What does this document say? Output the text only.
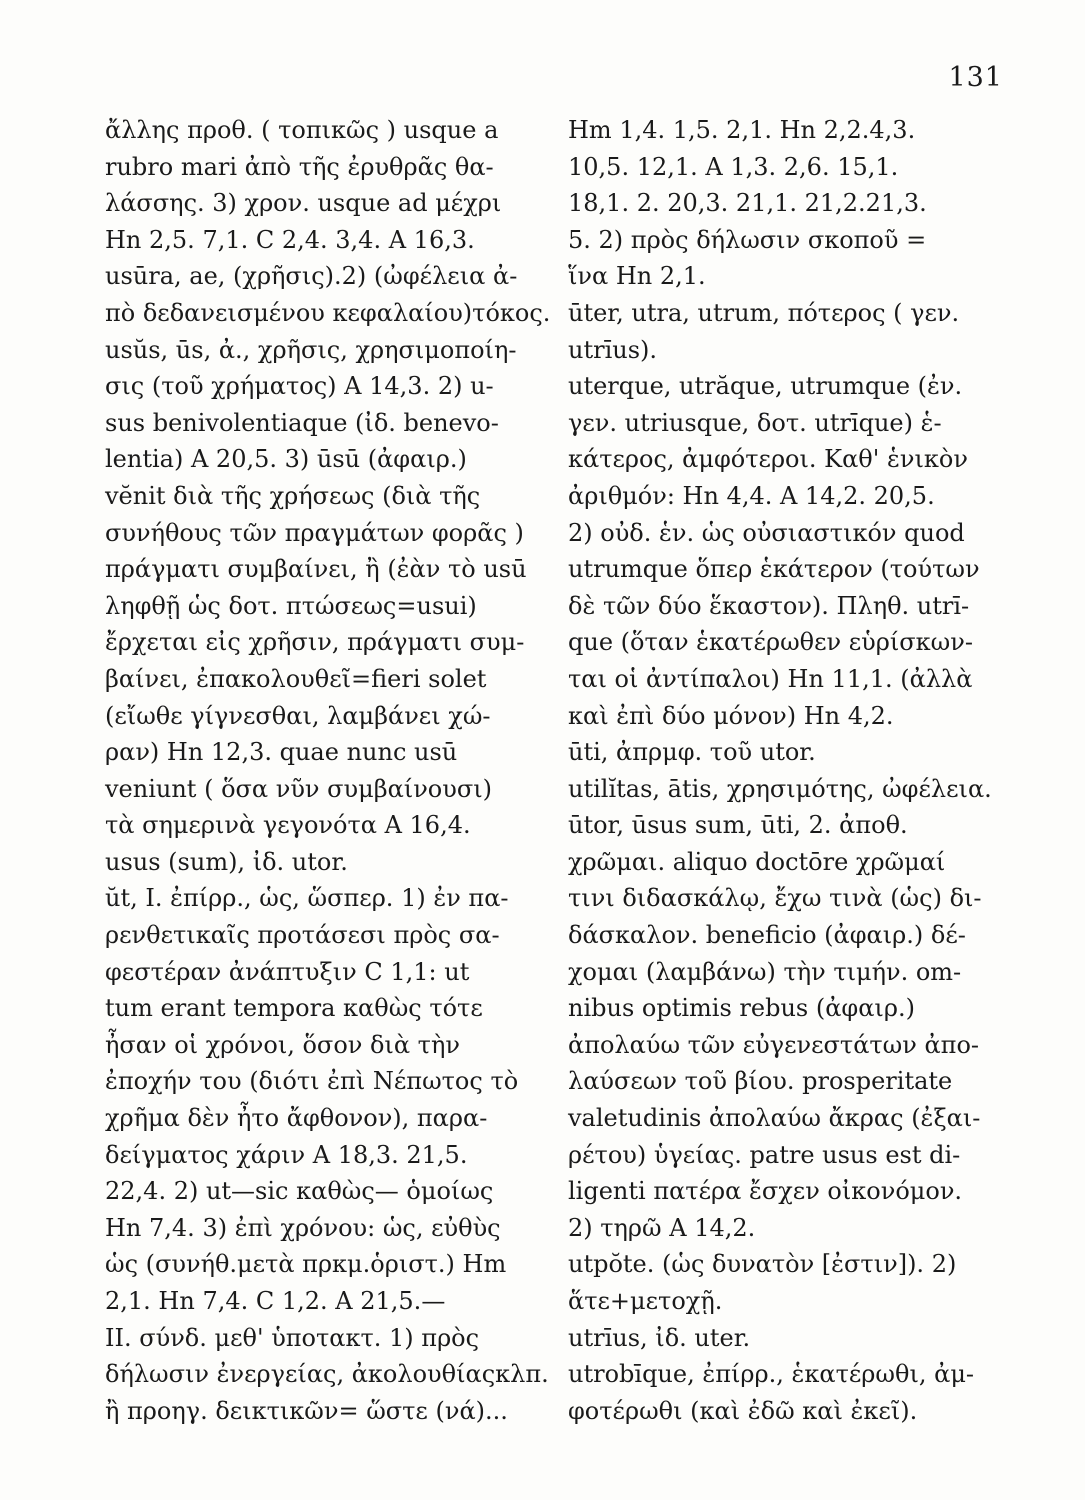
131
ἄλλης προθ. ( τοπικῶς ) usque a
rubro mari ἀπὸ τῆς ἐρυθρᾶς θα-
λάσσης. 3) χρον. usque ad μέχρι
Hn 2,5. 7,1. C 2,4. 3,4. A 16,3.
usūra, ae, (χρῆσις).2) (ὠφέλεια ἀ-
πὸ δεδανεισμένου κεφαλαίου)τόκος.
usŭs, ūs, ἀ., χρῆσις, χρησιμοποίη-
σις (τοῦ χρήματος) A 14,3. 2) u-
sus benivolentiaque (ἰδ. benevo-
lentia) A 20,5. 3) ūsū (ἀφαιρ.)
vĕnit διὰ τῆς χρήσεως (διὰ τῆς
συνήθους τῶν πραγμάτων φορᾶς )
πράγματι συμβαίνει, ἢ (ἐὰν τὸ usū
ληφθῇ ὡς δοτ. πτώσεως=usui)
ἔρχεται εἰς χρῆσιν, πράγματι συμ-
βαίνει, ἐπακολουθεῖ=fieri solet
(εἴωθε γίγνεσθαι, λαμβάνει χώ-
ραν) Hn 12,3. quae nunc usū
veniunt ( ὅσα νῦν συμβαίνουσι)
τὰ σημερινὰ γεγονότα A 16,4.
usus (sum), ἰδ. utor.
ŭt, I. ἐπίρρ., ὡς, ὥσπερ. 1) ἐν πα-
ρενθετικαῖς προτάσεσι πρὸς σα-
φεστέραν ἀνάπτυξιν C 1,1: ut
tum erant tempora καθὼς τότε
ἦσαν οἱ χρόνοι, ὅσον διὰ τὴν
ἐποχήν του (διότι ἐπὶ Νέπωτος τὸ
χρῆμα δὲν ἦτο ἄφθονον), παρα-
δείγματος χάριν A 18,3. 21,5.
22,4. 2) ut—sic καθὼς— ὁμοίως
Hn 7,4. 3) ἐπὶ χρόνου: ὡς, εὐθὺς
ὡς (συνήθ.μετὰ πρκμ.ὁριστ.) Hm
2,1. Hn 7,4. C 1,2. A 21,5.—
II. σύνδ. μεθ' ὑποτακτ. 1) πρὸς
δήλωσιν ἐνεργείας, ἀκολουθίαςκλπ.
ἢ προηγ. δεικτικῶν= ὥστε (νά)...
Hm 1,4. 1,5. 2,1. Hn 2,2.4,3.
10,5. 12,1. A 1,3. 2,6. 15,1.
18,1. 2. 20,3. 21,1. 21,2.21,3.
5. 2) πρὸς δήλωσιν σκοποῦ =
ἵνα Hn 2,1.
ūter, utra, utrum, πότερος ( γεν.
utrīus).
uterque, utrăque, utrumque (ἐν.
γεν. utriusque, δοτ. utrīque) ἑ-
κάτερος, ἀμφότεροι. Καθ' ἑνικὸν
ἀριθμόν: Hn 4,4. A 14,2. 20,5.
2) οὐδ. ἑν. ὡς οὐσιαστικόν quod
utrumque ὅπερ ἑκάτερον (τούτων
δὲ τῶν δύο ἕκαστον). Πληθ. utrī-
que (ὅταν ἑκατέρωθεν εὑρίσκων-
ται οἱ ἀντίπαλοι) Hn 11,1. (ἀλλὰ
καὶ ἐπὶ δύο μόνον) Hn 4,2.
ūti, ἀπρμφ. τοῦ utor.
utilĭtas, ātis, χρησιμότης, ὠφέλεια.
ūtor, ūsus sum, ūti, 2. ἀποθ.
χρῶμαι. aliquo doctōre χρῶμαί
τινι διδασκάλῳ, ἔχω τινὰ (ὡς) δι-
δάσκαλον. beneficio (ἀφαιρ.) δέ-
χομαι (λαμβάνω) τὴν τιμήν. om-
nibus optimis rebus (ἀφαιρ.)
ἀπολαύω τῶν εὐγενεστάτων ἀπο-
λαύσεων τοῦ βίου. prosperitate
valetudinis ἀπολαύω ἄκρας (ἐξαι-
ρέτου) ὑγείας. patre usus est di-
ligenti πατέρα ἔσχεν οἰκονόμον.
2) τηρῶ A 14,2.
utpŏte. (ὡς δυνατὸν [ἐστιν]). 2)
ἅτε+μετοχῇ.
utrīus, ἰδ. uter.
utrobīque, ἐπίρρ., ἑκατέρωθι, ἀμ-
φοτέρωθι (καὶ ἐδῶ καὶ ἐκεῖ).
